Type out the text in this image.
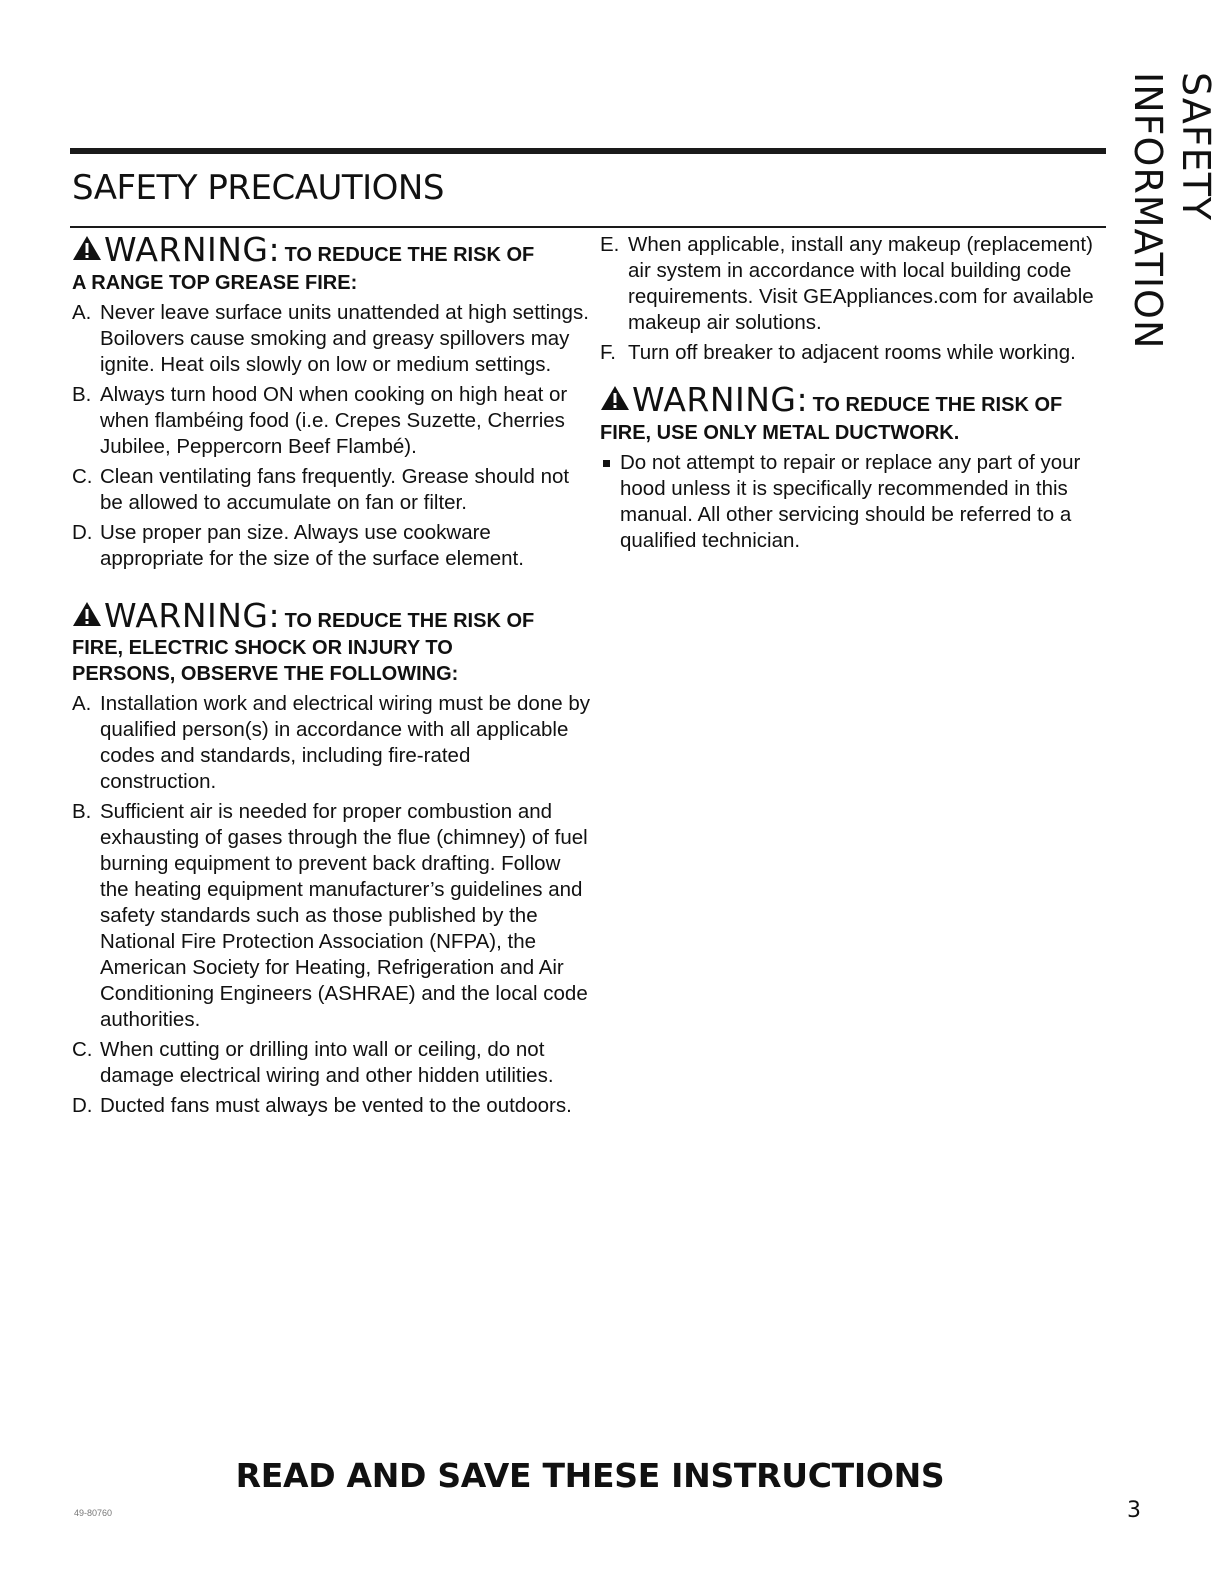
SAFETY PRECAUTIONS	SAFETY INFORMATION

WARNING: TO REDUCE THE RISK OF
A RANGE TOP GREASE FIRE:

A. Never leave surface units unattended at high settings. Boilovers cause smoking and greasy spillovers may ignite. Heat oils slowly on low or medium settings.
B. Always turn hood ON when cooking on high heat or when flambéing food (i.e. Crepes Suzette, Cherries Jubilee, Peppercorn Beef Flambé).
C. Clean ventilating fans frequently. Grease should not be allowed to accumulate on fan or filter.
D. Use proper pan size. Always use cookware appropriate for the size of the surface element.

WARNING: TO REDUCE THE RISK OF
FIRE, ELECTRIC SHOCK OR INJURY TO PERSONS, OBSERVE THE FOLLOWING:

A. Installation work and electrical wiring must be done by qualified person(s) in accordance with all applicable codes and standards, including fire-rated construction.
B. Sufficient air is needed for proper combustion and exhausting of gases through the flue (chimney) of fuel burning equipment to prevent back drafting. Follow the heating equipment manufacturer’s guidelines and safety standards such as those published by the National Fire Protection Association (NFPA), the American Society for Heating, Refrigeration and Air Conditioning Engineers (ASHRAE) and the local code authorities.
C. When cutting or drilling into wall or ceiling, do not damage electrical wiring and other hidden utilities.
D. Ducted fans must always be vented to the outdoors.
E. When applicable, install any makeup (replacement) air system in accordance with local building code requirements. Visit GEAppliances.com for available makeup air solutions.
F. Turn off breaker to adjacent rooms while working.

WARNING: TO REDUCE THE RISK OF
FIRE, USE ONLY METAL DUCTWORK.

Do not attempt to repair or replace any part of your hood unless it is specifically recommended in this manual. All other servicing should be referred to a qualified technician.
READ AND SAVE THESE INSTRUCTIONS
49-80760	3
